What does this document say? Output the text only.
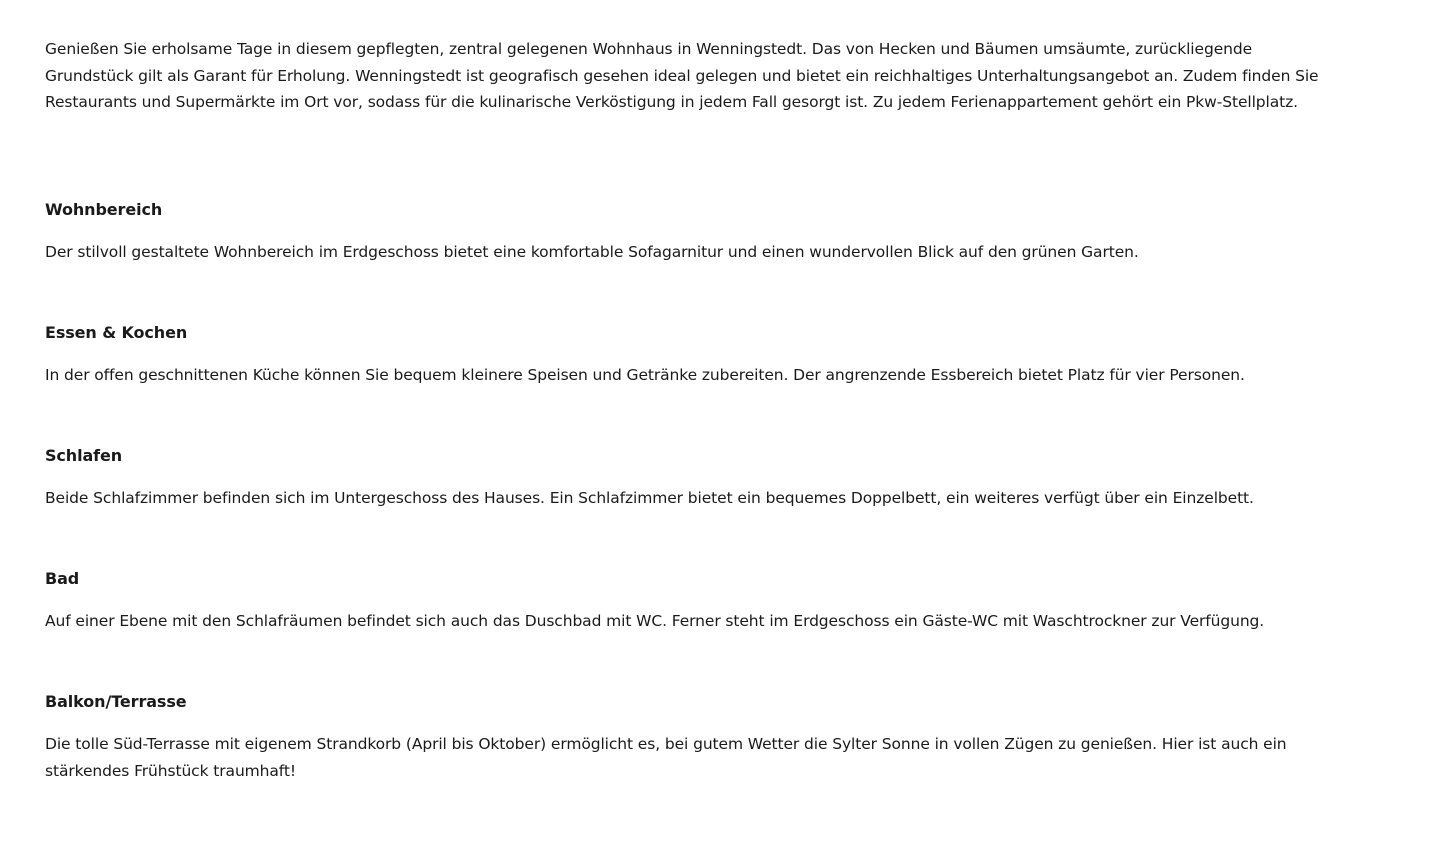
Genießen Sie erholsame Tage in diesem gepflegten, zentral gelegenen Wohnhaus in Wenningstedt. Das von Hecken und Bäumen umsäumte, zurückliegende Grundstück gilt als Garant für Erholung. Wenningstedt ist geografisch gesehen ideal gelegen und bietet ein reichhaltiges Unterhaltungsangebot an. Zudem finden Sie Restaurants und Supermärkte im Ort vor, sodass für die kulinarische Verköstigung in jedem Fall gesorgt ist. Zu jedem Ferienappartement gehört ein Pkw-Stellplatz.

Wohnbereich

Der stilvoll gestaltete Wohnbereich im Erdgeschoss bietet eine komfortable Sofagarnitur und einen wundervollen Blick auf den grünen Garten.

Essen & Kochen

In der offen geschnittenen Küche können Sie bequem kleinere Speisen und Getränke zubereiten. Der angrenzende Essbereich bietet Platz für vier Personen.

Schlafen

Beide Schlafzimmer befinden sich im Untergeschoss des Hauses. Ein Schlafzimmer bietet ein bequemes Doppelbett, ein weiteres verfügt über ein Einzelbett.

Bad

Auf einer Ebene mit den Schlafräumen befindet sich auch das Duschbad mit WC. Ferner steht im Erdgeschoss ein Gäste-WC mit Waschtrockner zur Verfügung.

Balkon/Terrasse

Die tolle Süd-Terrasse mit eigenem Strandkorb (April bis Oktober) ermöglicht es, bei gutem Wetter die Sylter Sonne in vollen Zügen zu genießen. Hier ist auch ein stärkendes Frühstück traumhaft!
